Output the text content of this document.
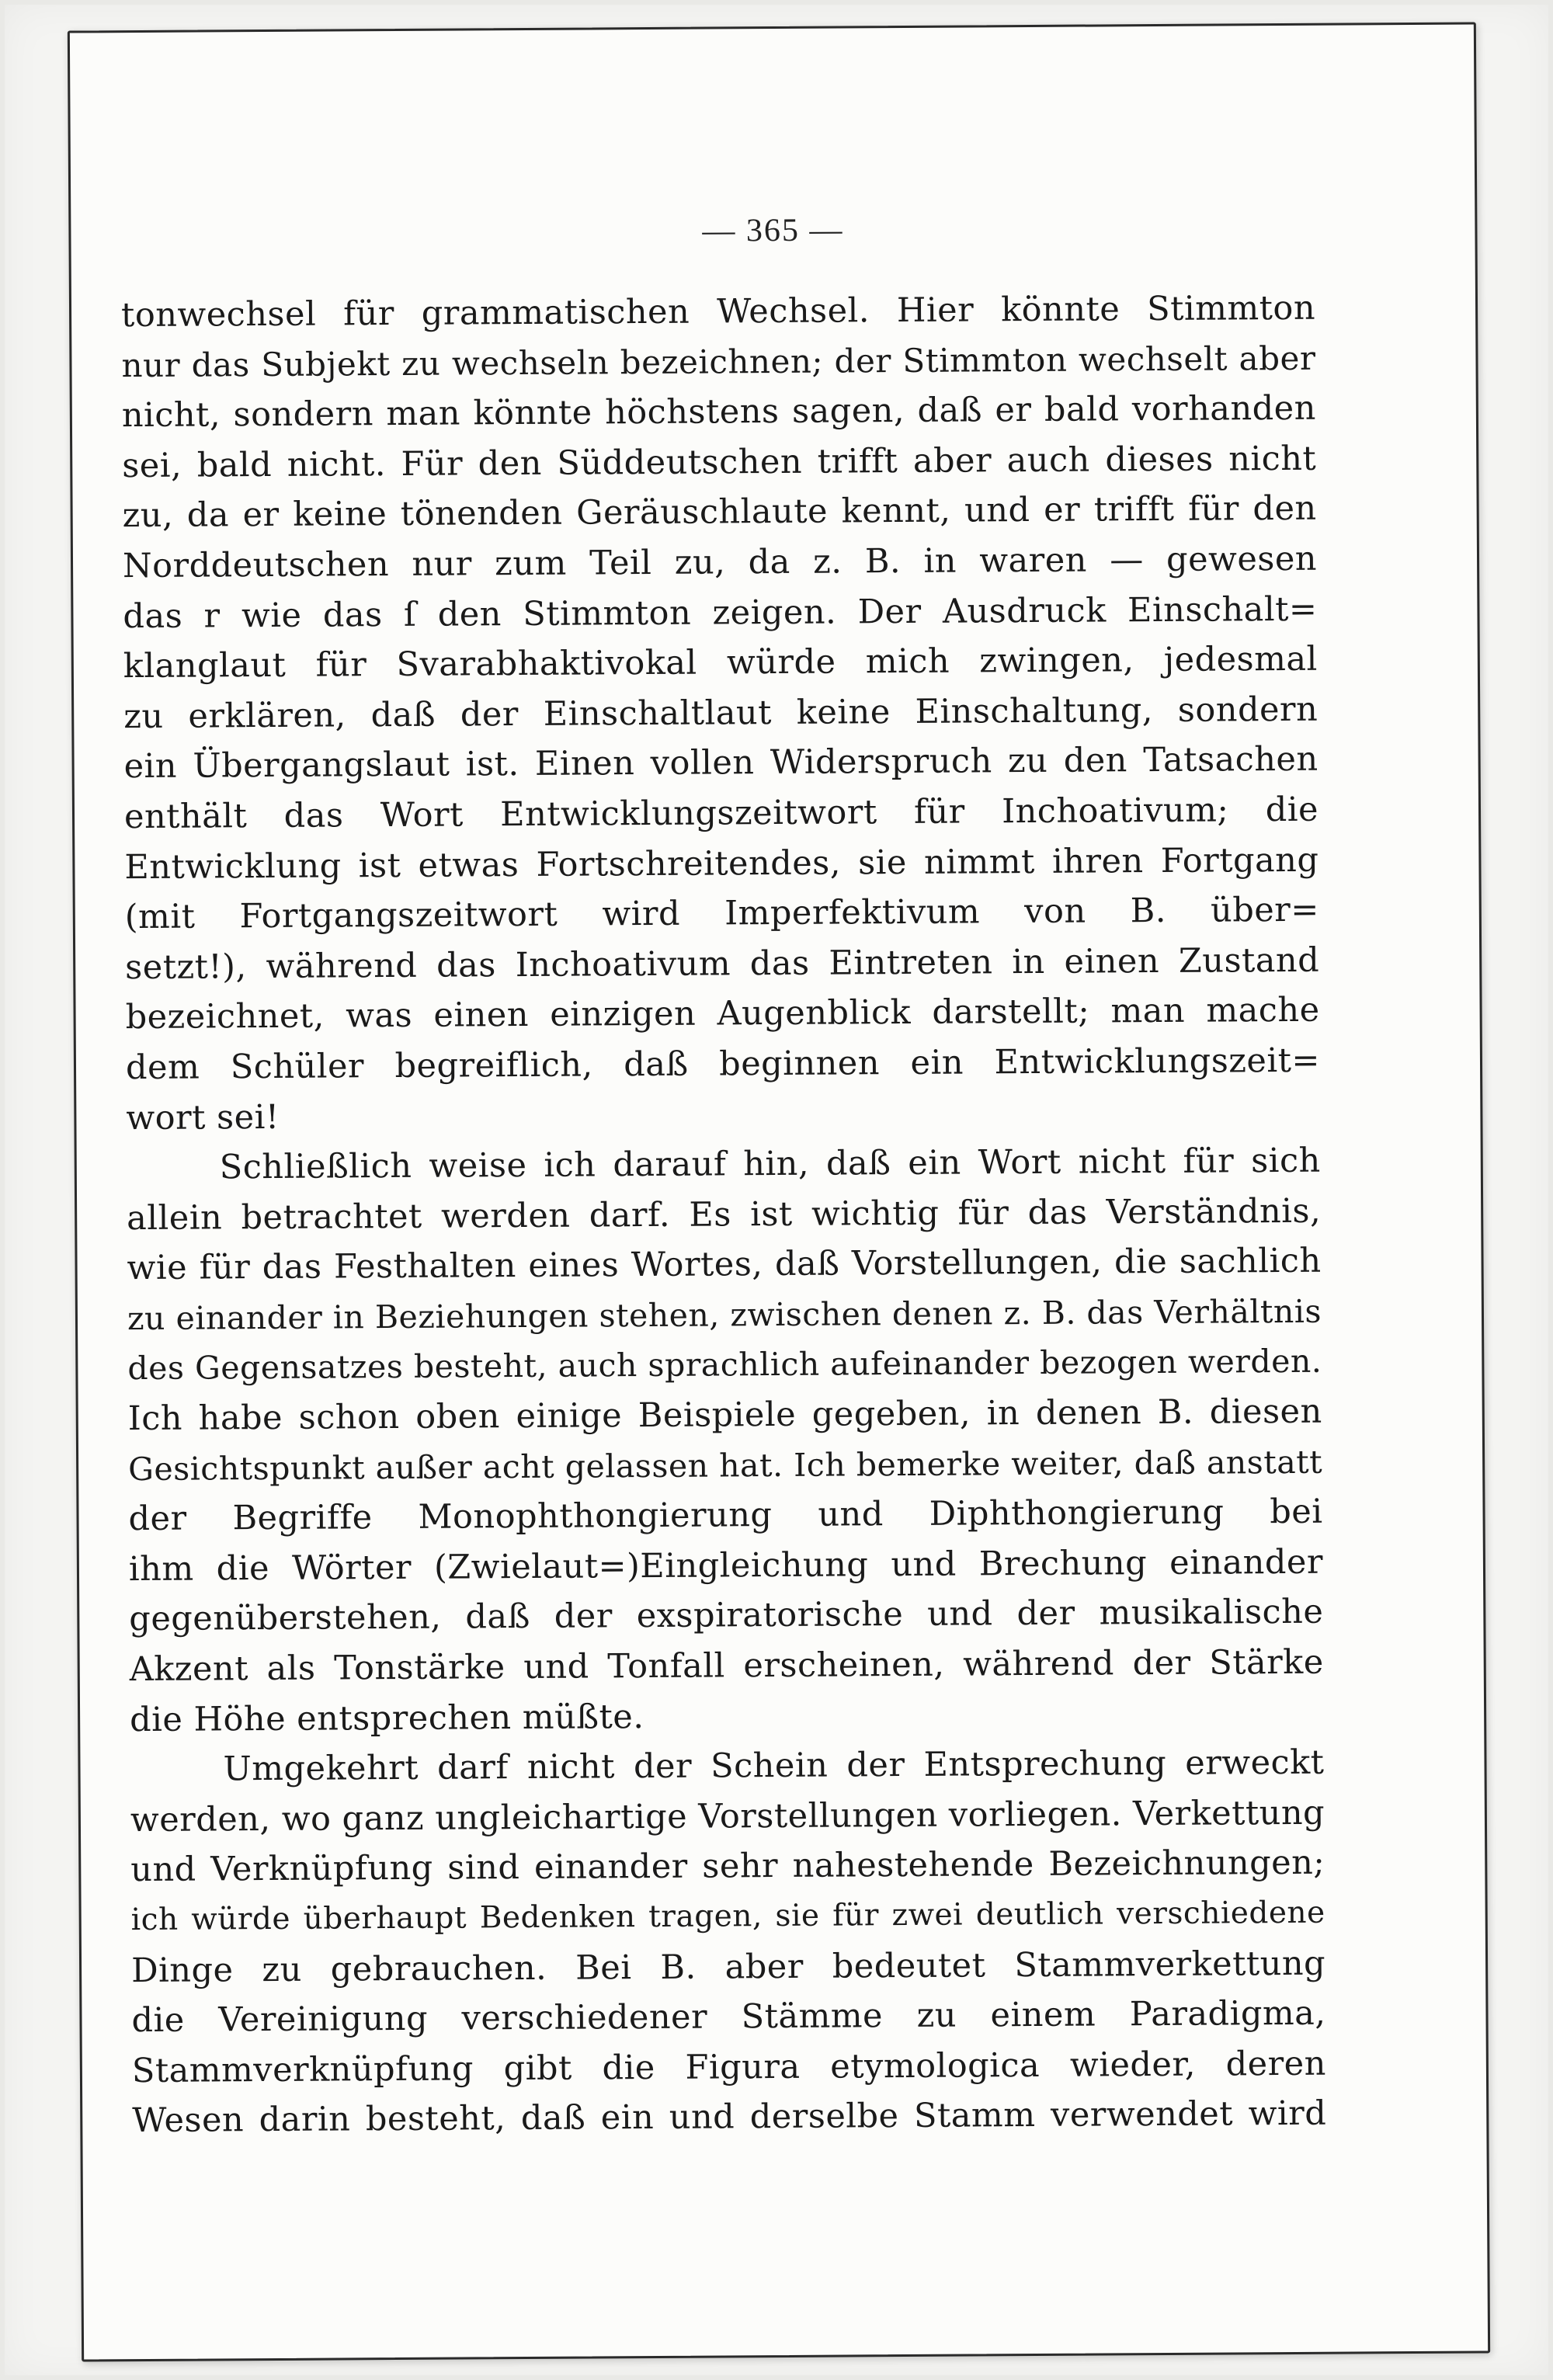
— 365 —
tonwechsel für grammatischen Wechsel. Hier könnte Stimmton
nur das Subjekt zu wechseln bezeichnen; der Stimmton wechselt aber
nicht, sondern man könnte höchstens sagen, daß er bald vorhanden
sei, bald nicht. Für den Süddeutschen trifft aber auch dieses nicht
zu, da er keine tönenden Geräuschlaute kennt, und er trifft für den
Norddeutschen nur zum Teil zu, da z. B. in waren — gewesen
das r wie das ſ den Stimmton zeigen. Der Ausdruck Einschalt=
klanglaut für Svarabhaktivokal würde mich zwingen, jedesmal
zu erklären, daß der Einschaltlaut keine Einschaltung, sondern
ein Übergangslaut ist. Einen vollen Widerspruch zu den Tatsachen
enthält das Wort Entwicklungszeitwort für Inchoativum; die
Entwicklung ist etwas Fortschreitendes, sie nimmt ihren Fortgang
(mit Fortgangszeitwort wird Imperfektivum von B. über=
setzt!), während das Inchoativum das Eintreten in einen Zustand
bezeichnet, was einen einzigen Augenblick darstellt; man mache
dem Schüler begreiflich, daß beginnen ein Entwicklungszeit=
wort sei!
Schließlich weise ich darauf hin, daß ein Wort nicht für sich
allein betrachtet werden darf. Es ist wichtig für das Verständnis,
wie für das Festhalten eines Wortes, daß Vorstellungen, die sachlich
zu einander in Beziehungen stehen, zwischen denen z. B. das Verhältnis
des Gegensatzes besteht, auch sprachlich aufeinander bezogen werden.
Ich habe schon oben einige Beispiele gegeben, in denen B. diesen
Gesichtspunkt außer acht gelassen hat. Ich bemerke weiter, daß anstatt
der Begriffe Monophthongierung und Diphthongierung bei
ihm die Wörter (Zwielaut=)Eingleichung und Brechung einander
gegenüberstehen, daß der exspiratorische und der musikalische
Akzent als Tonstärke und Tonfall erscheinen, während der Stärke
die Höhe entsprechen müßte.
Umgekehrt darf nicht der Schein der Entsprechung erweckt
werden, wo ganz ungleichartige Vorstellungen vorliegen. Verkettung
und Verknüpfung sind einander sehr nahestehende Bezeichnungen;
ich würde überhaupt Bedenken tragen, sie für zwei deutlich verschiedene
Dinge zu gebrauchen. Bei B. aber bedeutet Stammverkettung
die Vereinigung verschiedener Stämme zu einem Paradigma,
Stammverknüpfung gibt die Figura etymologica wieder, deren
Wesen darin besteht, daß ein und derselbe Stamm verwendet wird
